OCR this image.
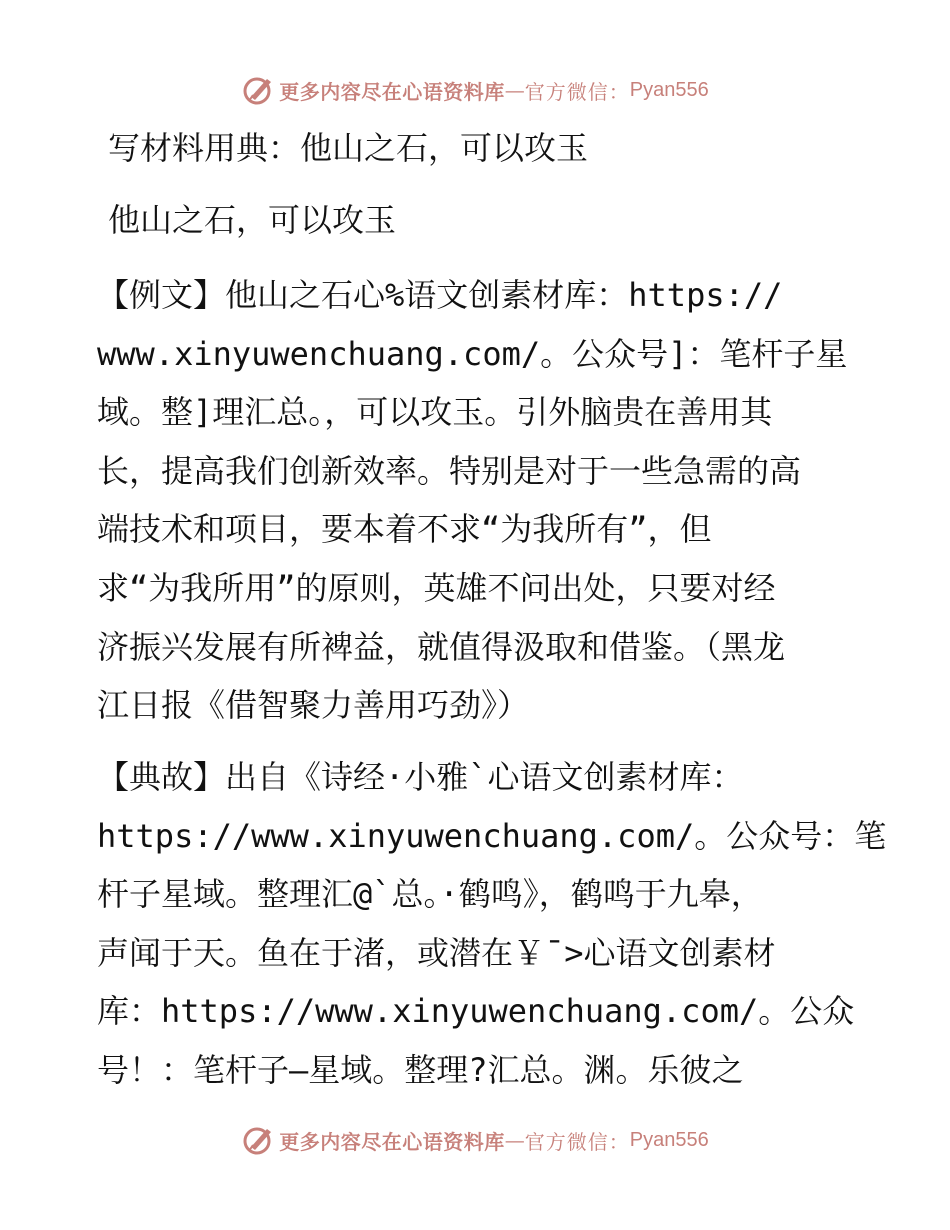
更多内容尽在心语资料库 — 官方微信： Pyan556
写材料用典：他山之石，可以攻玉
他山之石，可以攻玉
【例文】他山之石心%语文创素材库：https://
www.xinyuwenchuang.com/。公众号]：笔杆子星
域。整]理汇总。，可以攻玉。引外脑贵在善用其
长，提高我们创新效率。特别是对于一些急需的高
端技术和项目，要本着不求“为我所有”，但
求“为我所用”的原则，英雄不问出处，只要对经
济振兴发展有所裨益，就值得汲取和借鉴。（黑龙
江日报《借智聚力善用巧劲》）
【典故】出自《诗经·小雅`心语文创素材库：
https://www.xinyuwenchuang.com/。公众号：笔
杆子星域。整理汇@`总。·鹤鸣》，鹤鸣于九皋，
声闻于天。鱼在于渚，或潜在￥¯>心语文创素材
库：https://www.xinyuwenchuang.com/。公众
号！：笔杆子—星域。整理?汇总。渊。乐彼之
更多内容尽在心语资料库 — 官方微信： Pyan556
